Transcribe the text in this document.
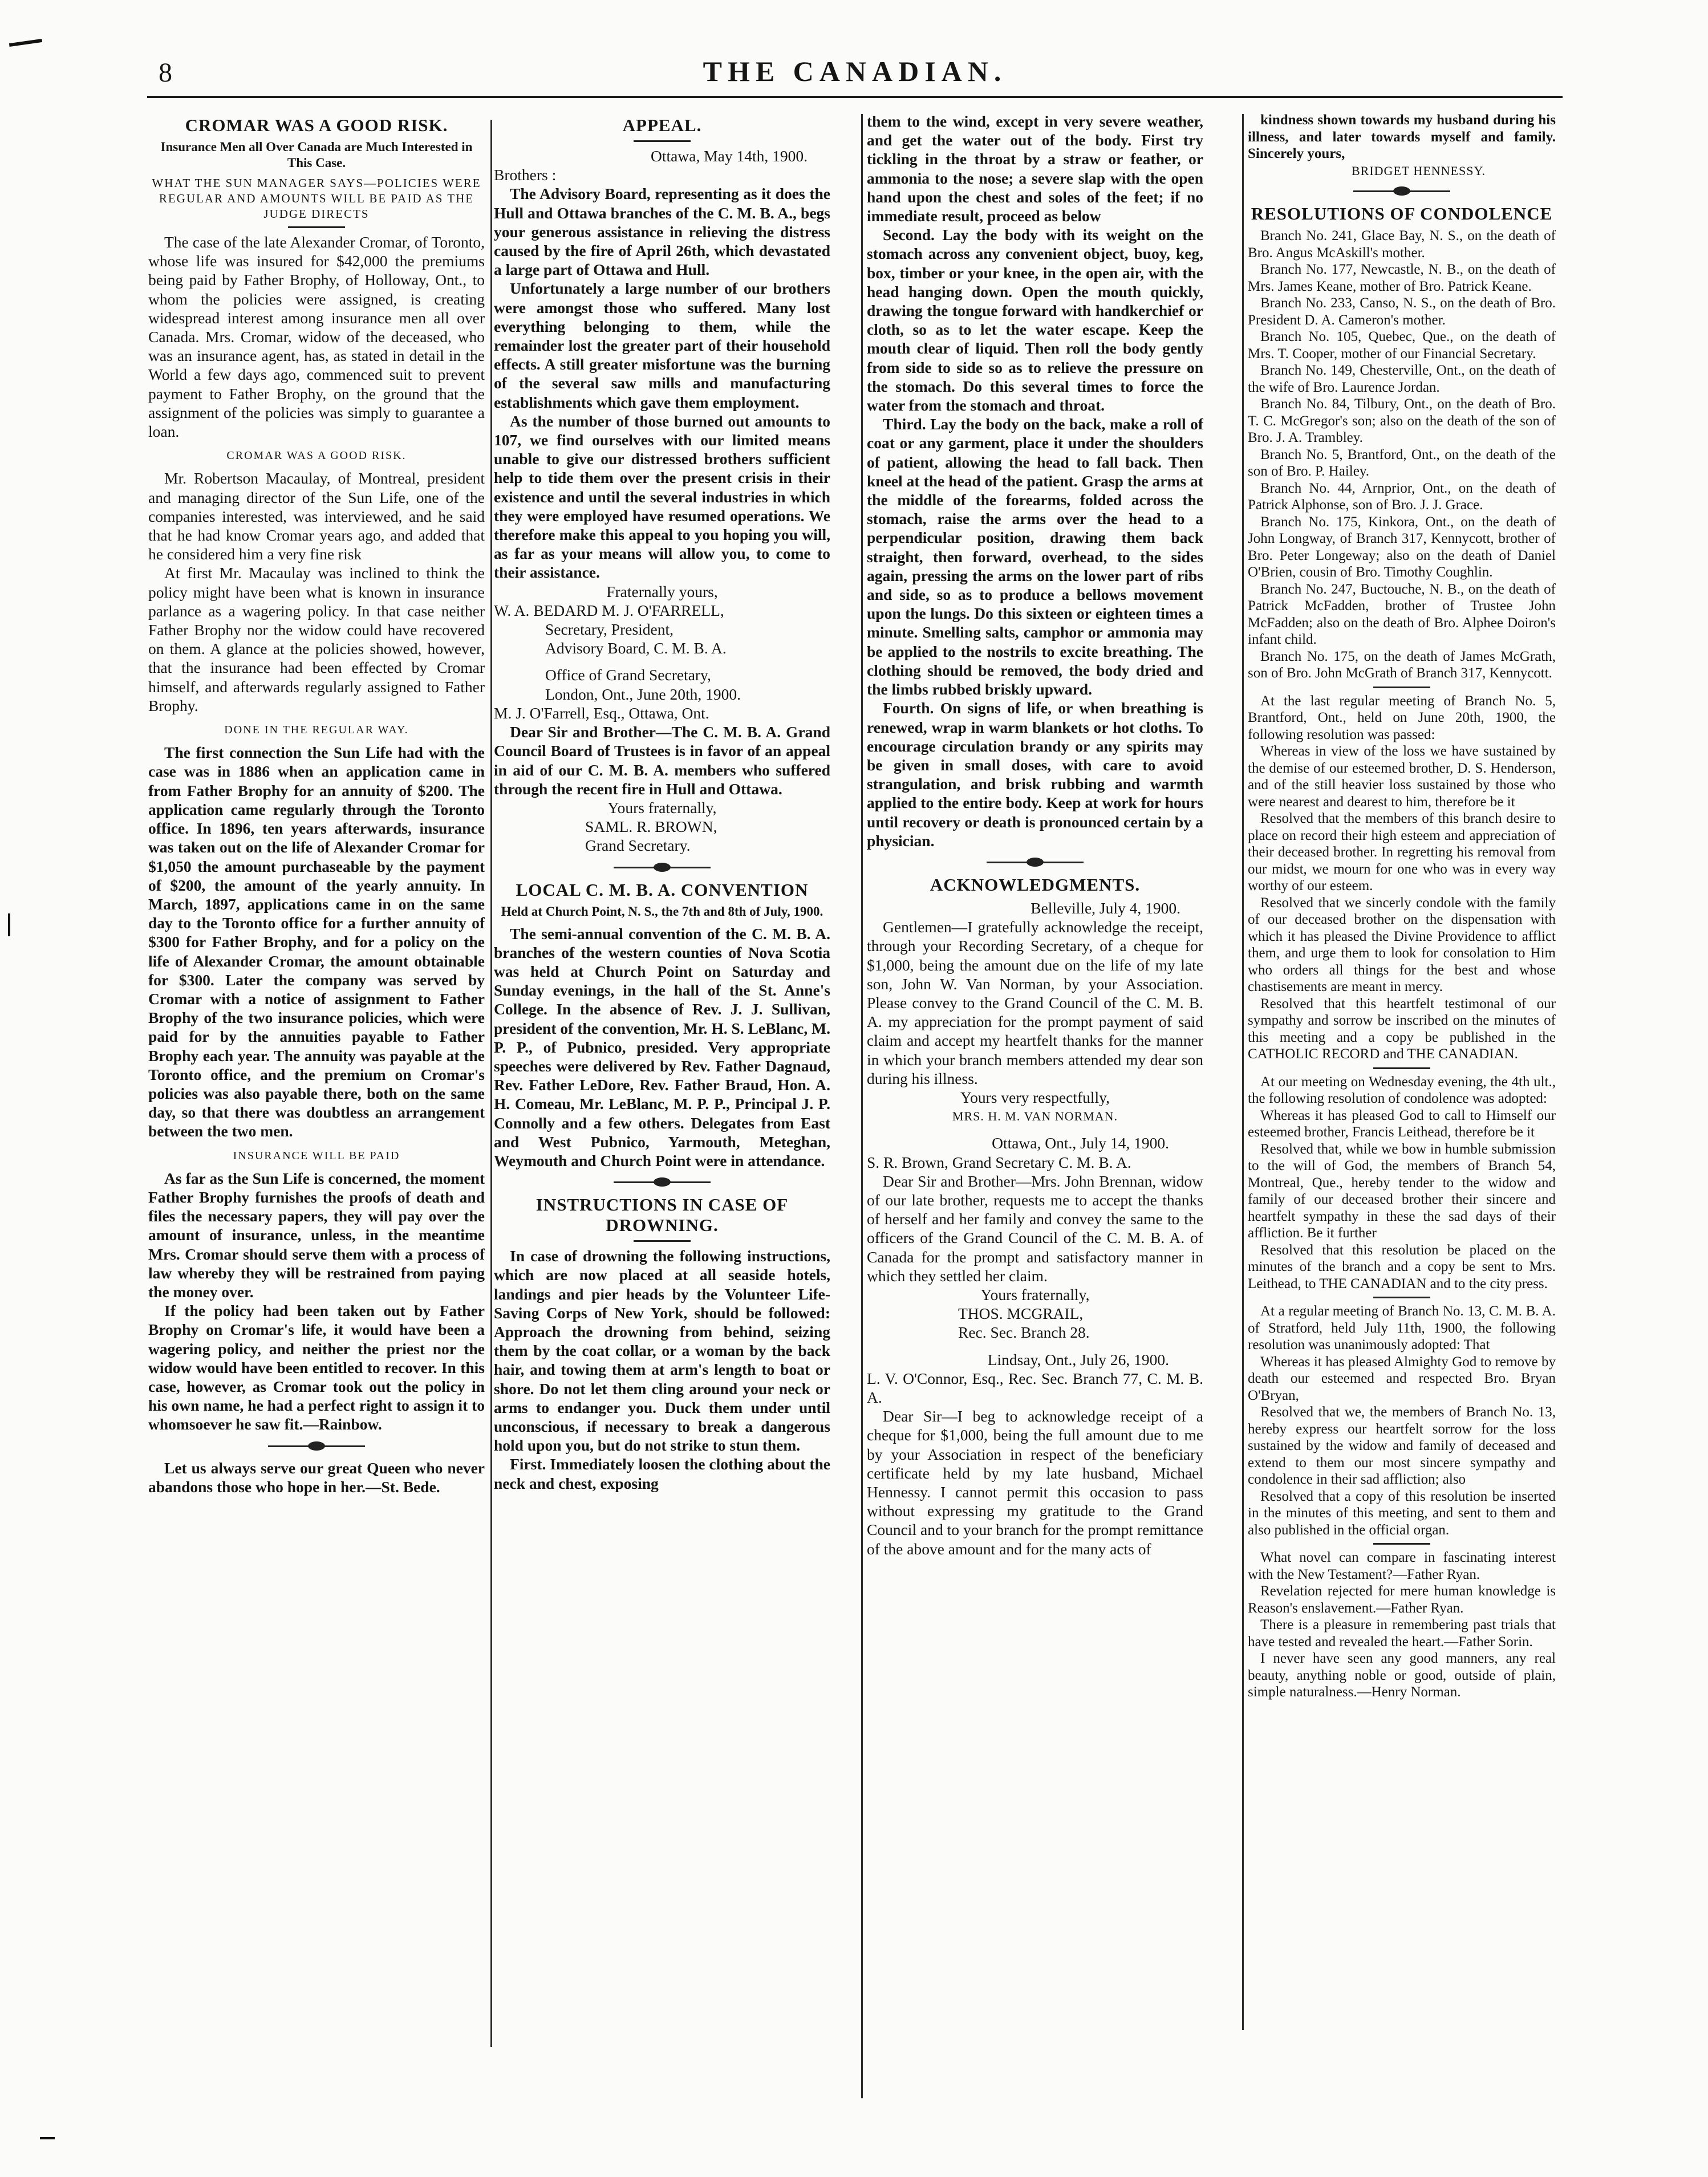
8	THE CANADIAN.
CROMAR WAS A GOOD RISK.
Insurance Men all Over Canada are Much Interested in This Case.
WHAT THE SUN MANAGER SAYS—POLICIES WERE REGULAR AND AMOUNTS WILL BE PAID AS THE JUDGE DIRECTS

The case of the late Alexander Cromar, of Toronto, whose life was insured for $42,000 the premiums being paid by Father Brophy, of Holloway, Ont., to whom the policies were assigned, is creating widespread interest among insurance men all over Canada. Mrs. Cromar, widow of the deceased, who was an insurance agent, has, as stated in detail in the World a few days ago, commenced suit to prevent payment to Father Brophy, on the ground that the assignment of the policies was simply to guarantee a loan.

CROMAR WAS A GOOD RISK.

Mr. Robertson Macaulay, of Montreal, president and managing director of the Sun Life, one of the companies interested, was interviewed, and he said that he had know Cromar years ago, and added that he considered him a very fine risk

At first Mr. Macaulay was inclined to think the policy might have been what is known in insurance parlance as a wagering policy. In that case neither Father Brophy nor the widow could have recovered on them. A glance at the policies showed, however, that the insurance had been effected by Cromar himself, and afterwards regularly assigned to Father Brophy.

DONE IN THE REGULAR WAY.

The first connection the Sun Life had with the case was in 1886 when an application came in from Father Brophy for an annuity of $200. The application came regularly through the Toronto office. In 1896, ten years afterwards, insurance was taken out on the life of Alexander Cromar for $1,050 the amount purchaseable by the payment of $200, the amount of the yearly annuity. In March, 1897, applications came in on the same day to the Toronto office for a further annuity of $300 for Father Brophy, and for a policy on the life of Alexander Cromar, the amount obtainable for $300. Later the company was served by Cromar with a notice of assignment to Father Brophy of the two insurance policies, which were paid for by the annuities payable to Father Brophy each year. The annuity was payable at the Toronto office, and the premium on Cromar's policies was also payable there, both on the same day, so that there was doubtless an arrangement between the two men.

INSURANCE WILL BE PAID

As far as the Sun Life is concerned, the moment Father Brophy furnishes the proofs of death and files the necessary papers, they will pay over the amount of insurance, unless, in the meantime Mrs. Cromar should serve them with a process of law whereby they will be restrained from paying the money over.

If the policy had been taken out by Father Brophy on Cromar's life, it would have been a wagering policy, and neither the priest nor the widow would have been entitled to recover. In this case, however, as Cromar took out the policy in his own name, he had a perfect right to assign it to whomsoever he saw fit.—Rainbow.

Let us always serve our great Queen who never abandons those who hope in her.—St. Bede.

APPEAL.

Ottawa, May 14th, 1900.

Brothers :

The Advisory Board, representing as it does the Hull and Ottawa branches of the C. M. B. A., begs your generous assistance in relieving the distress caused by the fire of April 26th, which devastated a large part of Ottawa and Hull.

Unfortunately a large number of our brothers were amongst those who suffered. Many lost everything belonging to them, while the remainder lost the greater part of their household effects. A still greater misfortune was the burning of the several saw mills and manufacturing establishments which gave them employment.

As the number of those burned out amounts to 107, we find ourselves with our limited means unable to give our distressed brothers sufficient help to tide them over the present crisis in their existence and until the several industries in which they were employed have resumed operations. We therefore make this appeal to you hoping you will, as far as your means will allow you, to come to their assistance.

Fraternally yours,

W. A. BEDARD M. J. O'FARRELL,

Secretary, President,

Advisory Board, C. M. B. A.

Office of Grand Secretary,

London, Ont., June 20th, 1900.

M. J. O'Farrell, Esq., Ottawa, Ont.

Dear Sir and Brother—The C. M. B. A. Grand Council Board of Trustees is in favor of an appeal in aid of our C. M. B. A. members who suffered through the recent fire in Hull and Ottawa.

Yours fraternally,

SAML. R. BROWN,

Grand Secretary.

LOCAL C. M. B. A. CONVENTION
Held at Church Point, N. S., the 7th and 8th of July, 1900.

The semi-annual convention of the C. M. B. A. branches of the western counties of Nova Scotia was held at Church Point on Saturday and Sunday evenings, in the hall of the St. Anne's College. In the absence of Rev. J. J. Sullivan, president of the convention, Mr. H. S. LeBlanc, M. P. P., of Pubnico, presided. Very appropriate speeches were delivered by Rev. Father Dagnaud, Rev. Father LeDore, Rev. Father Braud, Hon. A. H. Comeau, Mr. LeBlanc, M. P. P., Principal J. P. Connolly and a few others. Delegates from East and West Pubnico, Yarmouth, Meteghan, Weymouth and Church Point were in attendance.

INSTRUCTIONS IN CASE OF DROWNING.

In case of drowning the following instructions, which are now placed at all seaside hotels, landings and pier heads by the Volunteer Life-Saving Corps of New York, should be followed: Approach the drowning from behind, seizing them by the coat collar, or a woman by the back hair, and towing them at arm's length to boat or shore. Do not let them cling around your neck or arms to endanger you. Duck them under until unconscious, if necessary to break a dangerous hold upon you, but do not strike to stun them.

First. Immediately loosen the clothing about the neck and chest, exposing

them to the wind, except in very severe weather, and get the water out of the body. First try tickling in the throat by a straw or feather, or ammonia to the nose; a severe slap with the open hand upon the chest and soles of the feet; if no immediate result, proceed as below

Second. Lay the body with its weight on the stomach across any convenient object, buoy, keg, box, timber or your knee, in the open air, with the head hanging down. Open the mouth quickly, drawing the tongue forward with handkerchief or cloth, so as to let the water escape. Keep the mouth clear of liquid. Then roll the body gently from side to side so as to relieve the pressure on the stomach. Do this several times to force the water from the stomach and throat.

Third. Lay the body on the back, make a roll of coat or any garment, place it under the shoulders of patient, allowing the head to fall back. Then kneel at the head of the patient. Grasp the arms at the middle of the forearms, folded across the stomach, raise the arms over the head to a perpendicular position, drawing them back straight, then forward, overhead, to the sides again, pressing the arms on the lower part of ribs and side, so as to produce a bellows movement upon the lungs. Do this sixteen or eighteen times a minute. Smelling salts, camphor or ammonia may be applied to the nostrils to excite breathing. The clothing should be removed, the body dried and the limbs rubbed briskly upward.

Fourth. On signs of life, or when breathing is renewed, wrap in warm blankets or hot cloths. To encourage circulation brandy or any spirits may be given in small doses, with care to avoid strangulation, and brisk rubbing and warmth applied to the entire body. Keep at work for hours until recovery or death is pronounced certain by a physician.

ACKNOWLEDGMENTS.

Belleville, July 4, 1900.

Gentlemen—I gratefully acknowledge the receipt, through your Recording Secretary, of a cheque for $1,000, being the amount due on the life of my late son, John W. Van Norman, by your Association. Please convey to the Grand Council of the C. M. B. A. my appreciation for the prompt payment of said claim and accept my heartfelt thanks for the manner in which your branch members attended my dear son during his illness.

Yours very respectfully,

MRS. H. M. VAN NORMAN.

Ottawa, Ont., July 14, 1900.

S. R. Brown, Grand Secretary C. M. B. A.

Dear Sir and Brother—Mrs. John Brennan, widow of our late brother, requests me to accept the thanks of herself and her family and convey the same to the officers of the Grand Council of the C. M. B. A. of Canada for the prompt and satisfactory manner in which they settled her claim.

Yours fraternally,

THOS. MCGRAIL,

Rec. Sec. Branch 28.

Lindsay, Ont., July 26, 1900.

L. V. O'Connor, Esq., Rec. Sec. Branch 77, C. M. B. A.

Dear Sir—I beg to acknowledge receipt of a cheque for $1,000, being the full amount due to me by your Association in respect of the beneficiary certificate held by my late husband, Michael Hennessy. I cannot permit this occasion to pass without expressing my gratitude to the Grand Council and to your branch for the prompt remittance of the above amount and for the many acts of

kindness shown towards my husband during his illness, and later towards myself and family. Sincerely yours,

BRIDGET HENNESSY.

RESOLUTIONS OF CONDOLENCE

Branch No. 241, Glace Bay, N. S., on the death of Bro. Angus McAskill's mother.

Branch No. 177, Newcastle, N. B., on the death of Mrs. James Keane, mother of Bro. Patrick Keane.

Branch No. 233, Canso, N. S., on the death of Bro. President D. A. Cameron's mother.

Branch No. 105, Quebec, Que., on the death of Mrs. T. Cooper, mother of our Financial Secretary.

Branch No. 149, Chesterville, Ont., on the death of the wife of Bro. Laurence Jordan.

Branch No. 84, Tilbury, Ont., on the death of Bro. T. C. McGregor's son; also on the death of the son of Bro. J. A. Trambley.

Branch No. 5, Brantford, Ont., on the death of the son of Bro. P. Hailey.

Branch No. 44, Arnprior, Ont., on the death of Patrick Alphonse, son of Bro. J. J. Grace.

Branch No. 175, Kinkora, Ont., on the death of John Longway, of Branch 317, Kennycott, brother of Bro. Peter Longeway; also on the death of Daniel O'Brien, cousin of Bro. Timothy Coughlin.

Branch No. 247, Buctouche, N. B., on the death of Patrick McFadden, brother of Trustee John McFadden; also on the death of Bro. Alphee Doiron's infant child.

Branch No. 175, on the death of James McGrath, son of Bro. John McGrath of Branch 317, Kennycott.

At the last regular meeting of Branch No. 5, Brantford, Ont., held on June 20th, 1900, the following resolution was passed:

Whereas in view of the loss we have sustained by the demise of our esteemed brother, D. S. Henderson, and of the still heavier loss sustained by those who were nearest and dearest to him, therefore be it

Resolved that the members of this branch desire to place on record their high esteem and appreciation of their deceased brother. In regretting his removal from our midst, we mourn for one who was in every way worthy of our esteem.

Resolved that we sincerly condole with the family of our deceased brother on the dispensation with which it has pleased the Divine Providence to afflict them, and urge them to look for consolation to Him who orders all things for the best and whose chastisements are meant in mercy.

Resolved that this heartfelt testimonal of our sympathy and sorrow be inscribed on the minutes of this meeting and a copy be published in the CATHOLIC RECORD and THE CANADIAN.

At our meeting on Wednesday evening, the 4th ult., the following resolution of condolence was adopted:

Whereas it has pleased God to call to Himself our esteemed brother, Francis Leithead, therefore be it

Resolved that, while we bow in humble submission to the will of God, the members of Branch 54, Montreal, Que., hereby tender to the widow and family of our deceased brother their sincere and heartfelt sympathy in these the sad days of their affliction. Be it further

Resolved that this resolution be placed on the minutes of the branch and a copy be sent to Mrs. Leithead, to THE CANADIAN and to the city press.

At a regular meeting of Branch No. 13, C. M. B. A. of Stratford, held July 11th, 1900, the following resolution was unanimously adopted: That

Whereas it has pleased Almighty God to remove by death our esteemed and respected Bro. Bryan O'Bryan,

Resolved that we, the members of Branch No. 13, hereby express our heartfelt sorrow for the loss sustained by the widow and family of deceased and extend to them our most sincere sympathy and condolence in their sad affliction; also

Resolved that a copy of this resolution be inserted in the minutes of this meeting, and sent to them and also published in the official organ.

What novel can compare in fascinating interest with the New Testament?—Father Ryan.

Revelation rejected for mere human knowledge is Reason's enslavement.—Father Ryan.

There is a pleasure in remembering past trials that have tested and revealed the heart.—Father Sorin.

I never have seen any good manners, any real beauty, anything noble or good, outside of plain, simple naturalness.—Henry Norman.
